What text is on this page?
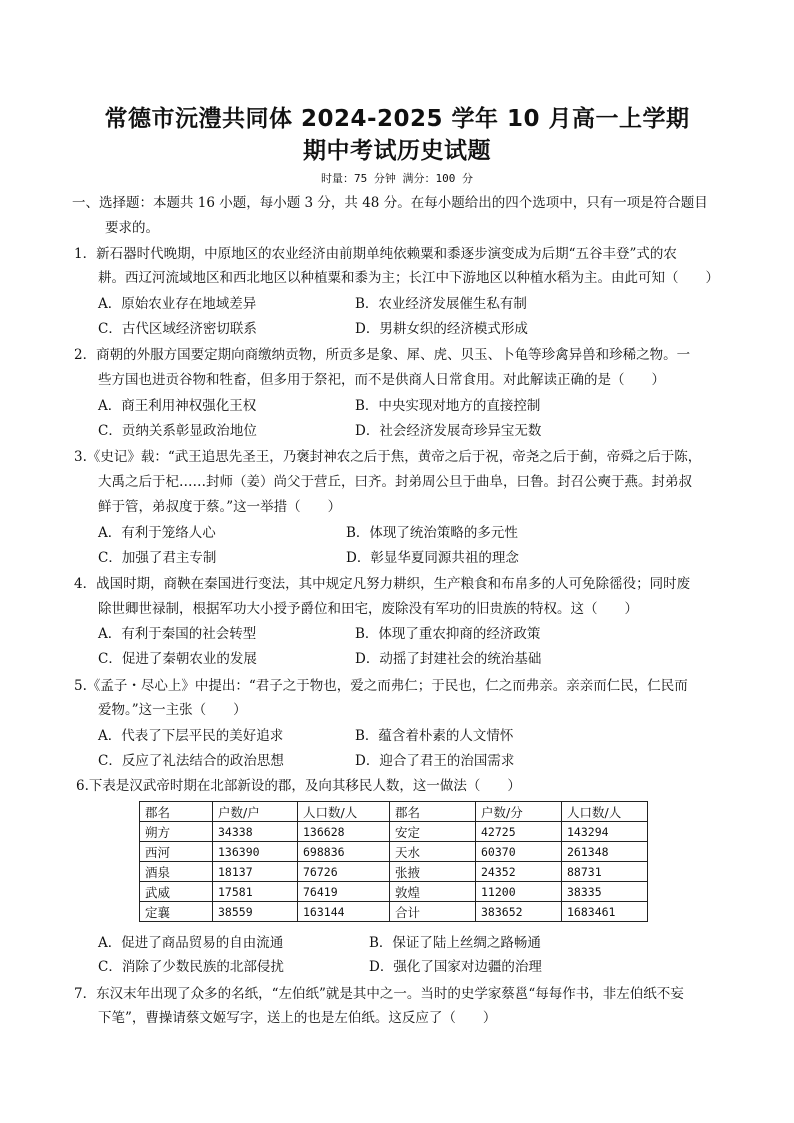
常德市沅澧共同体 2024-2025 学年 10 月高一上学期
期中考试历史试题
时量：75 分钟 满分：100 分
一、选择题：本题共 16 小题，每小题 3 分，共 48 分。在每小题给出的四个选项中，只有一项是符合题目
要求的。
1．新石器时代晚期，中原地区的农业经济由前期单纯依赖粟和黍逐步演变成为后期“五谷丰登”式的农
耕。西辽河流域地区和西北地区以种植粟和黍为主；长江中下游地区以种植水稻为主。由此可知（　　）
A．原始农业存在地域差异	B．农业经济发展催生私有制
C．古代区域经济密切联系	D．男耕女织的经济模式形成
2．商朝的外服方国要定期向商缴纳贡物，所贡多是象、犀、虎、贝玉、卜龟等珍禽异兽和珍稀之物。一
些方国也进贡谷物和牲畜，但多用于祭祀，而不是供商人日常食用。对此解读正确的是（　　）
A．商王利用神权强化王权	B．中央实现对地方的直接控制
C．贡纳关系彰显政治地位	D．社会经济发展奇珍异宝无数
3.《史记》载：“武王追思先圣王，乃褒封神农之后于焦，黄帝之后于祝，帝尧之后于蓟，帝舜之后于陈，
大禹之后于杞……封师（姜）尚父于营丘，曰齐。封弟周公旦于曲阜，曰鲁。封召公奭于燕。封弟叔
鲜于管，弟叔度于蔡。”这一举措（　　）
A．有利于笼络人心	B．体现了统治策略的多元性
C．加强了君主专制	D．彰显华夏同源共祖的理念
4．战国时期，商鞅在秦国进行变法，其中规定凡努力耕织，生产粮食和布帛多的人可免除徭役；同时废
除世卿世禄制，根据军功大小授予爵位和田宅，废除没有军功的旧贵族的特权。这（　　）
A．有利于秦国的社会转型	B．体现了重农抑商的经济政策
C．促进了秦朝农业的发展	D．动摇了封建社会的统治基础
5.《孟子・尽心上》中提出：“君子之于物也，爱之而弗仁；于民也，仁之而弗亲。亲亲而仁民，仁民而
爱物。”这一主张（　　）
A．代表了下层平民的美好追求	B．蕴含着朴素的人文情怀
C．反应了礼法结合的政治思想	D．迎合了君王的治国需求
6.下表是汉武帝时期在北部新设的郡，及向其移民人数，这一做法（　　）
郡名	户数/户	人口数/人	郡名	户数/分	人口数/人
朔方	34338	136628	安定	42725	143294
西河	136390	698836	天水	60370	261348
酒泉	18137	76726	张掖	24352	88731
武威	17581	76419	敦煌	11200	38335
定襄	38559	163144	合计	383652	1683461
A．促进了商品贸易的自由流通	B．保证了陆上丝绸之路畅通
C．消除了少数民族的北部侵扰	D．强化了国家对边疆的治理
7．东汉末年出现了众多的名纸，“左伯纸”就是其中之一。当时的史学家蔡邕“每每作书，非左伯纸不妄
下笔”，曹操请蔡文姬写字，送上的也是左伯纸。这反应了（　　）
